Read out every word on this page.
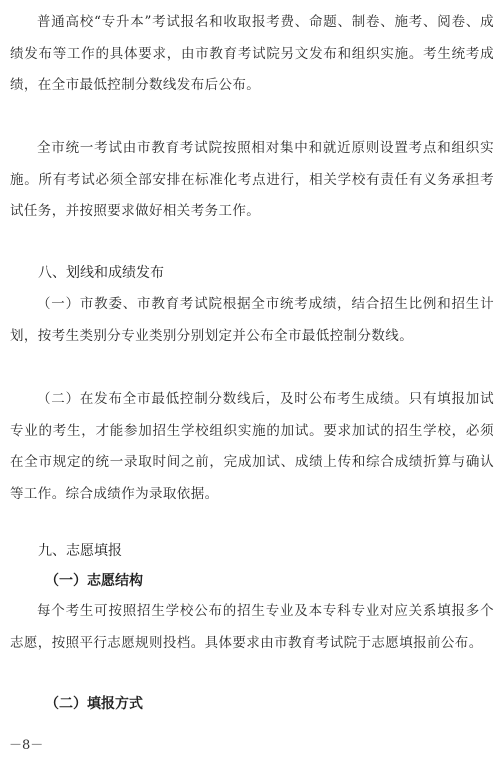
普通高校“专升本”考试报名和收取报考费、命题、制卷、施考、阅卷、成绩发布等工作的具体要求，由市教育考试院另文发布和组织实施。考生统考成绩，在全市最低控制分数线发布后公布。

全市统一考试由市教育考试院按照相对集中和就近原则设置考点和组织实施。所有考试必须全部安排在标准化考点进行，相关学校有责任有义务承担考试任务，并按照要求做好相关考务工作。

八、划线和成绩发布

（一）市教委、市教育考试院根据全市统考成绩，结合招生比例和招生计划，按考生类别分专业类别分别划定并公布全市最低控制分数线。

（二）在发布全市最低控制分数线后，及时公布考生成绩。只有填报加试专业的考生，才能参加招生学校组织实施的加试。要求加试的招生学校，必须在全市规定的统一录取时间之前，完成加试、成绩上传和综合成绩折算与确认等工作。综合成绩作为录取依据。

九、志愿填报
（一）志愿结构

每个考生可按照招生学校公布的招生专业及本专科专业对应关系填报多个志愿，按照平行志愿规则投档。具体要求由市教育考试院于志愿填报前公布。

（二）填报方式
－8－
